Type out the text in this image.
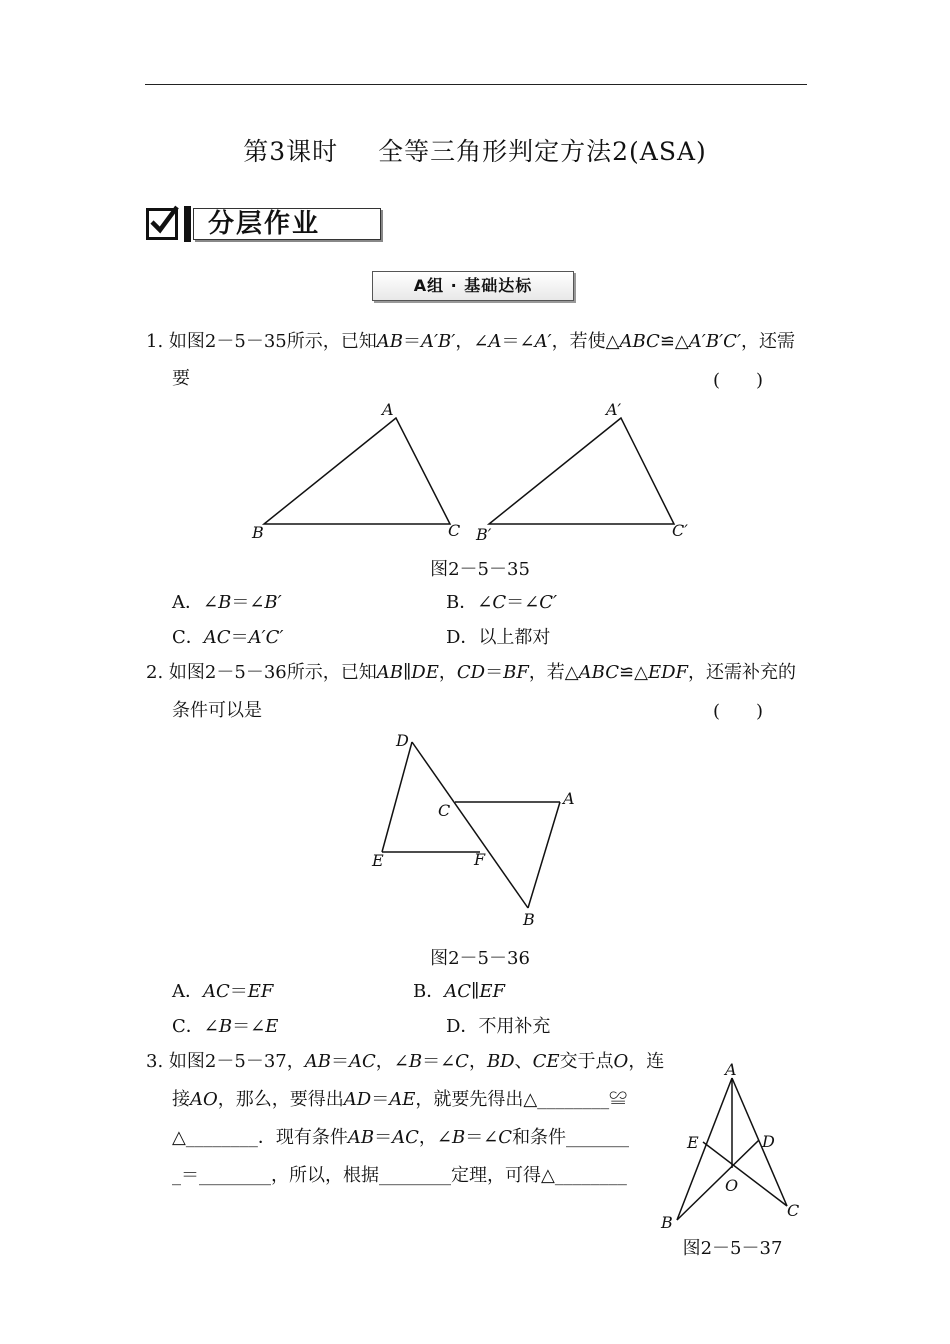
第3课时 全等三角形判定方法2(ASA)
分层作业
A组 · 基础达标
1. 如图2－5－35所示，已知AB＝A′B′，∠A＝∠A′，若使△ABC≌△A′B′C′，还需
要	(　　)
A
B	C
A′
B′	C′
图2－5－35
A．∠B＝∠B′	B．∠C＝∠C′
C．AC＝A′C′	D．以上都对
2. 如图2－5－36所示，已知AB∥DE，CD＝BF，若△ABC≌△EDF，还需补充的
条件可以是	(　　)
D
C
A
E	F
B
图2－5－36
A．AC＝EF	B．AC∥EF
C．∠B＝∠E	D．不用补充
3. 如图2－5－37，AB＝AC，∠B＝∠C，BD、CE交于点O，连
接AO，那么，要得出AD＝AE，就要先得出△________≌
△________．现有条件AB＝AC，∠B＝∠C和条件_______
_＝________，所以，根据________定理，可得△________
A
E	D
O
B
C
图2－5－37
